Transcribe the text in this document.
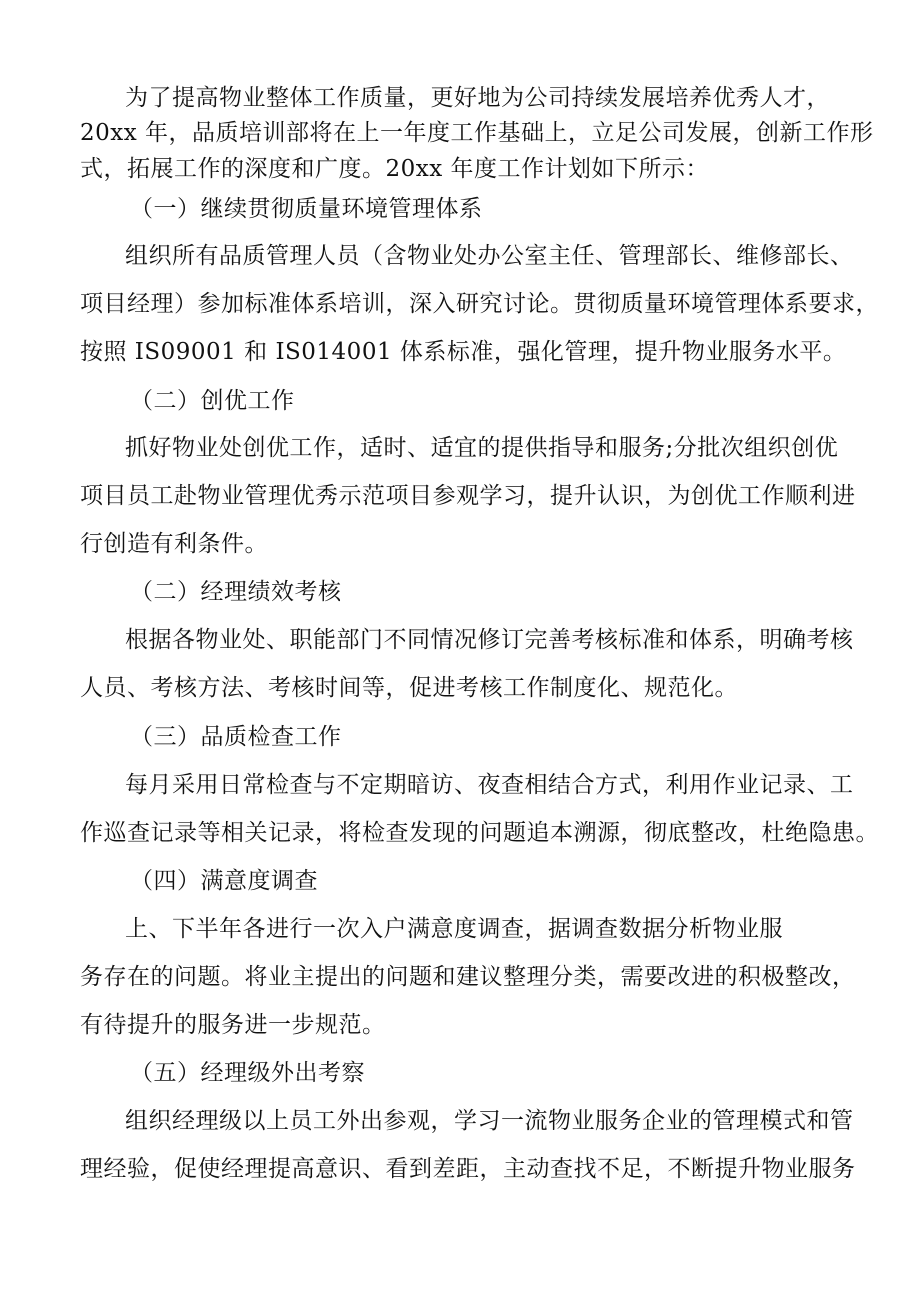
为了提高物业整体工作质量，更好地为公司持续发展培养优秀人才，
20xx 年，品质培训部将在上一年度工作基础上，立足公司发展，创新工作形
式，拓展工作的深度和广度。20xx 年度工作计划如下所示：
（一）继续贯彻质量环境管理体系
组织所有品质管理人员（含物业处办公室主任、管理部长、维修部长、
项目经理）参加标准体系培训，深入研究讨论。贯彻质量环境管理体系要求，
按照 IS09001 和 IS014001 体系标准，强化管理，提升物业服务水平。
（二）创优工作
抓好物业处创优工作，适时、适宜的提供指导和服务;分批次组织创优
项目员工赴物业管理优秀示范项目参观学习，提升认识，为创优工作顺利进
行创造有利条件。
（二）经理绩效考核
根据各物业处、职能部门不同情况修订完善考核标准和体系，明确考核
人员、考核方法、考核时间等，促进考核工作制度化、规范化。
（三）品质检查工作
每月采用日常检查与不定期暗访、夜查相结合方式，利用作业记录、工
作巡查记录等相关记录，将检查发现的问题追本溯源，彻底整改，杜绝隐患。
（四）满意度调查
上、下半年各进行一次入户满意度调查，据调查数据分析物业服
务存在的问题。将业主提出的问题和建议整理分类，需要改进的积极整改，
有待提升的服务进一步规范。
（五）经理级外出考察
组织经理级以上员工外出参观，学习一流物业服务企业的管理模式和管
理经验，促使经理提高意识、看到差距，主动查找不足，不断提升物业服务
